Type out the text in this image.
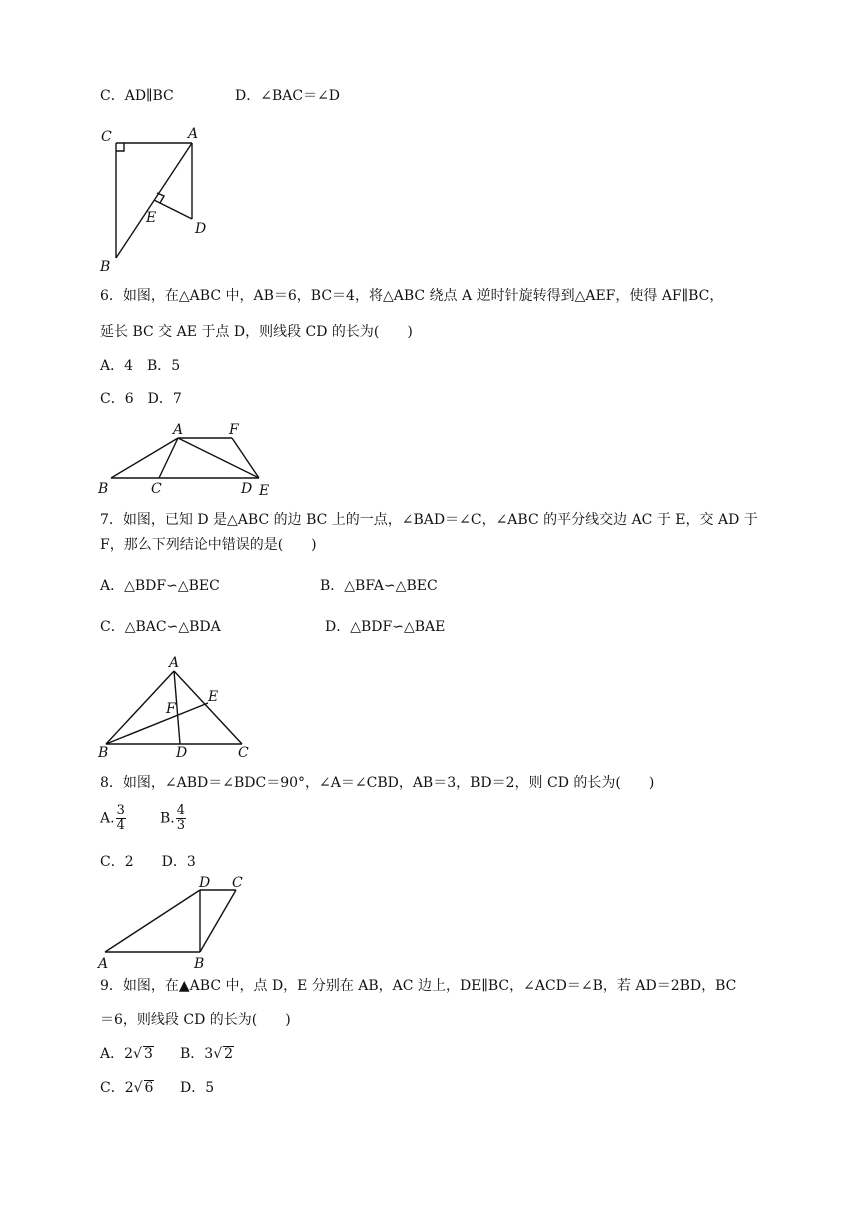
C．AD∥BC	D．∠BAC＝∠D
C	A
E
D
B
6．如图，在△ABC 中，AB＝6，BC＝4，将△ABC 绕点 A 逆时针旋转得到△AEF，使得 AF∥BC，
延长 BC 交 AE 于点 D，则线段 CD 的长为(　　)
A．4　B．5
C．6　D．7
A	F
B	C	D E
7．如图，已知 D 是△ABC 的边 BC 上的一点，∠BAD＝∠C，∠ABC 的平分线交边 AC 于 E，交 AD 于
F，那么下列结论中错误的是(　　)
A．△BDF∽△BEC	B．△BFA∽△BEC
C．△BAC∽△BDA	D．△BDF∽△BAE
A
E
F
B	D	C
8．如图，∠ABD＝∠BDC＝90°，∠A＝∠CBD，AB＝3，BD＝2，则 CD 的长为(　　)
A. $\frac{3}{4} B$. $\frac{4}{3}$
C．2　　D．3
D C
A	B
9．如图，在▲ABC 中，点 D，E 分别在 AB，AC 边上，DE∥BC，∠ACD＝∠B，若 AD＝2BD，BC
＝6，则线段 CD 的长为(　　)
A．2√ 3 B．3√ 2
C．2√ 6 D．5
